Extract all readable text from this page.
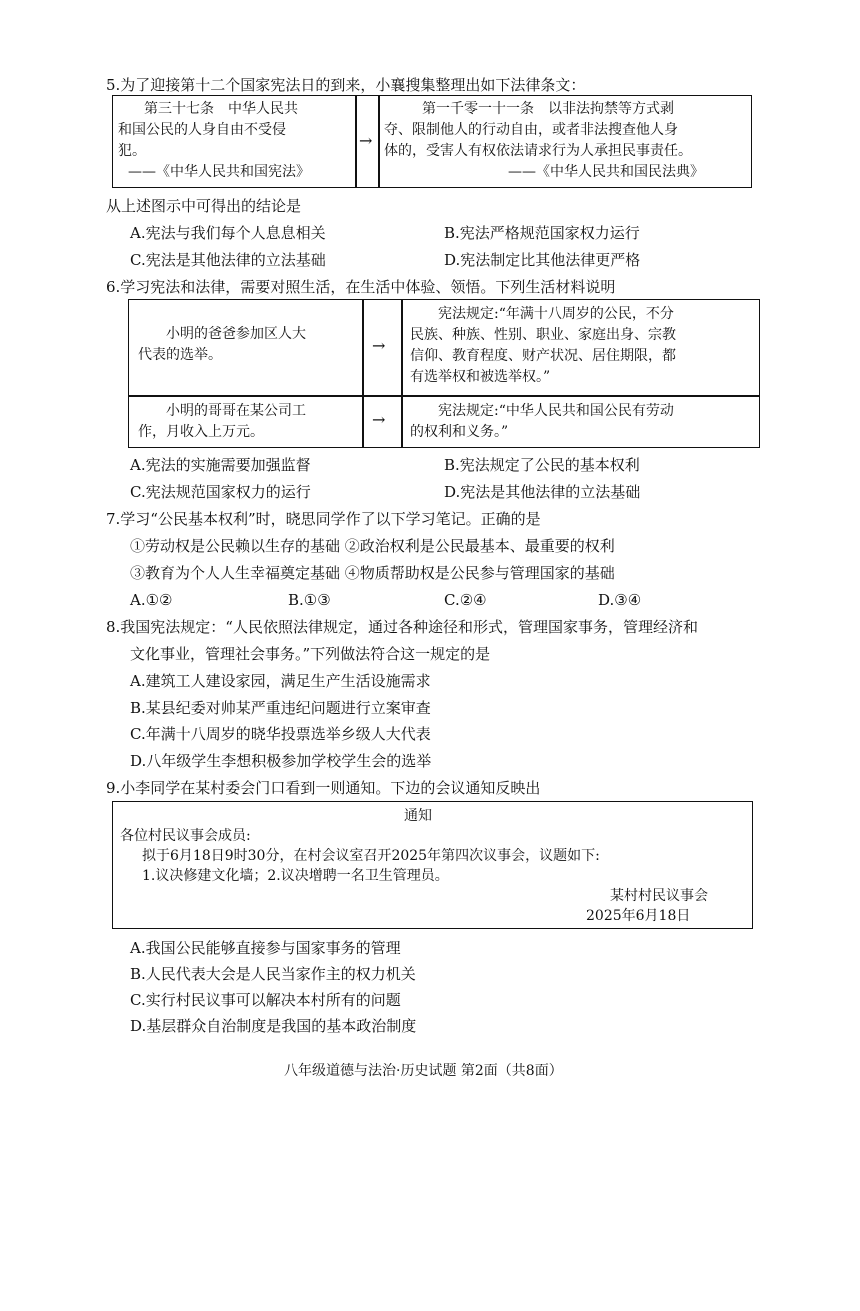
5.为了迎接第十二个国家宪法日的到来，小襄搜集整理出如下法律条文：
第三十七条　中华人民共
和国公民的人身自由不受侵
犯。
——《中华人民共和国宪法》
→
第一千零一十一条　以非法拘禁等方式剥
夺、限制他人的行动自由，或者非法搜查他人身
体的，受害人有权依法请求行为人承担民事责任。
——《中华人民共和国民法典》
从上述图示中可得出的结论是
A.宪法与我们每个人息息相关	B.宪法严格规范国家权力运行
C.宪法是其他法律的立法基础	D.宪法制定比其他法律更严格
6.学习宪法和法律，需要对照生活，在生活中体验、领悟。下列生活材料说明
小明的爸爸参加区人大
代表的选举。	→
宪法规定:“年满十八周岁的公民，不分
民族、种族、性别、职业、家庭出身、宗教
信仰、教育程度、财产状况、居住期限，都
有选举权和被选举权。”
小明的哥哥在某公司工
作，月收入上万元。
→	宪法规定:“中华人民共和国公民有劳动
的权利和义务。”
A.宪法的实施需要加强监督	B.宪法规定了公民的基本权利
C.宪法规范国家权力的运行	D.宪法是其他法律的立法基础
7.学习“公民基本权利”时，晓思同学作了以下学习笔记。正确的是
①劳动权是公民赖以生存的基础 ②政治权利是公民最基本、最重要的权利
③教育为个人人生幸福奠定基础 ④物质帮助权是公民参与管理国家的基础
A.①②	B.①③	C.②④	D.③④
8.我国宪法规定：“人民依照法律规定，通过各种途径和形式，管理国家事务，管理经济和
文化事业，管理社会事务。”下列做法符合这一规定的是
A.建筑工人建设家园，满足生产生活设施需求
B.某县纪委对帅某严重违纪问题进行立案审查
C.年满十八周岁的晓华投票选举乡级人大代表
D.八年级学生李想积极参加学校学生会的选举
9.小李同学在某村委会门口看到一则通知。下边的会议通知反映出
通知
各位村民议事会成员:
拟于6月18日9时30分，在村会议室召开2025年第四次议事会，议题如下:
1.议决修建文化墙；2.议决增聘一名卫生管理员。
某村村民议事会
2025年6月18日
A.我国公民能够直接参与国家事务的管理
B.人民代表大会是人民当家作主的权力机关
C.实行村民议事可以解决本村所有的问题
D.基层群众自治制度是我国的基本政治制度
八年级道德与法治·历史试题 第2面（共8面）
